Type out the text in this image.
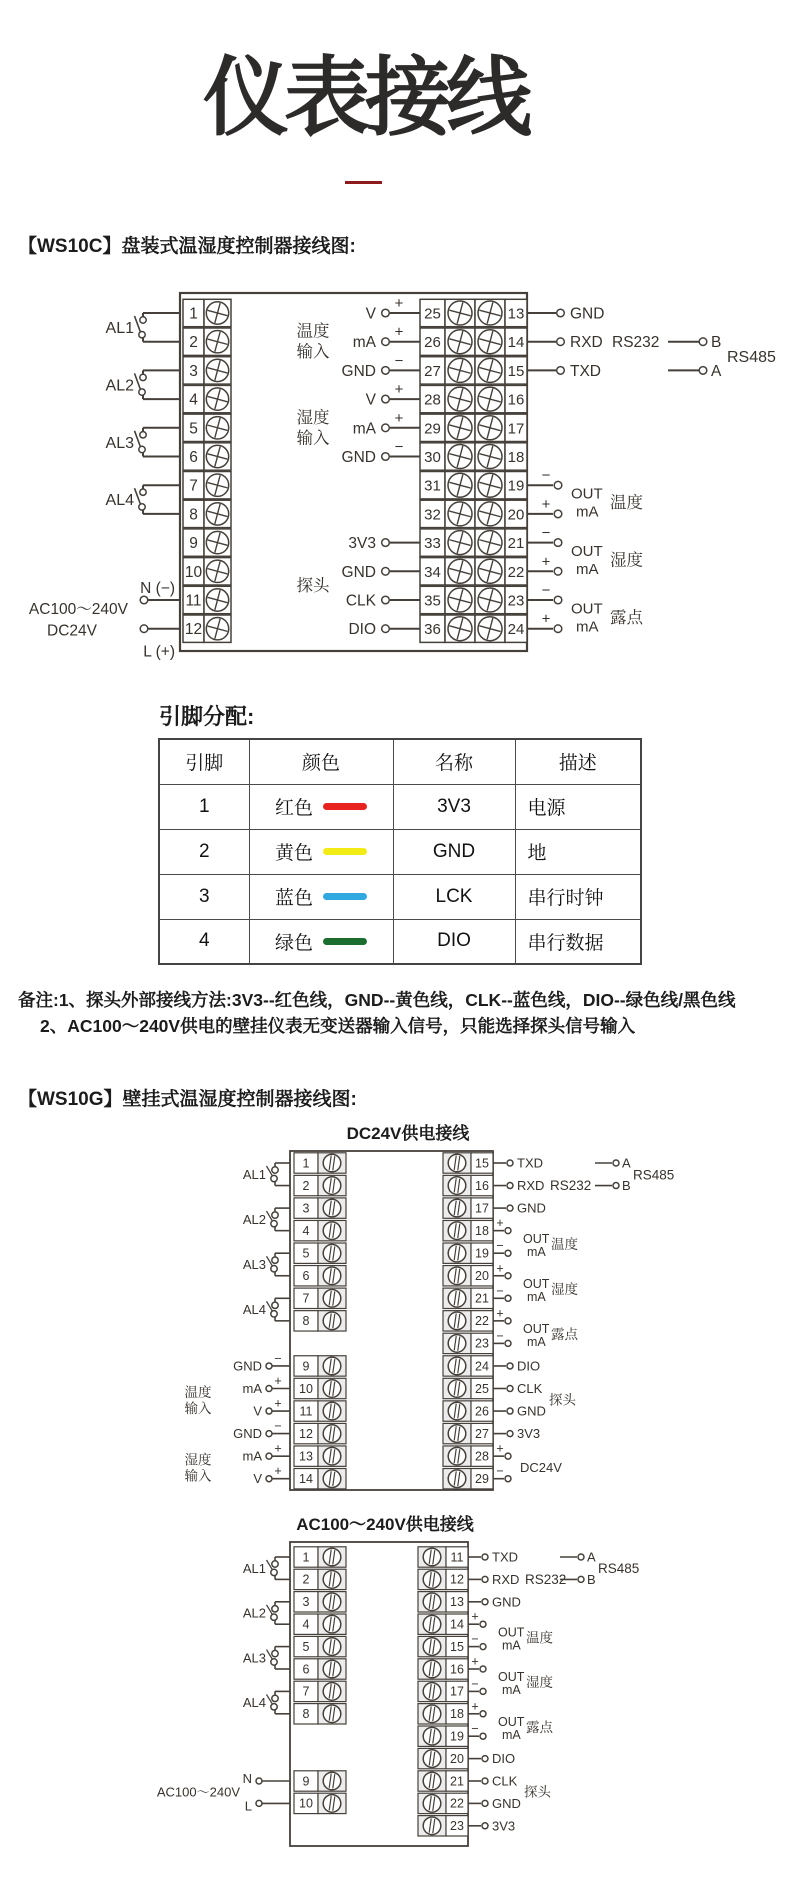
仪表接线
【WS10C】盘装式温湿度控制器接线图:
1
2
3
4
5
6
7
8
9
10
11
12
25	13
26	14
27	15
28	16
29	17
30	18
31	19
32	20
33	21
34	22
35	23
36	24
AL1
AL2
AL3
AL4
+
V
+
mA
−
GND
+
V
+
mA
−
GND
3V3
GND
CLK
DIO
温度
输入
湿度
输入
探头
GND
RXD RS232
TXD
−
+
OUT
mA 温度
−
+
OUT
mA 湿度
−
+
OUT
mA 露点
B
A
RS485
N (−)
AC100～240V
DC24V
L (+)
引脚分配:
引脚	颜色	名称	描述
1	红色	3V3	电源
2	黄色	GND	地
3	蓝色	LCK	串行时钟
4	绿色	DIO	串行数据
备注:1、探头外部接线方法:3V3--红色线，GND--黄色线，CLK--蓝色线，DIO--绿色线/黑色线
2、AC100～240V供电的壁挂仪表无变送器输入信号，只能选择探头信号输入
【WS10G】壁挂式温湿度控制器接线图:
DC24V供电接线
1
2
3
4
5
6
7
8
9
10
11
12
13
14
15
16
17
18
19
20
21
22
23
24
25
26
27
28
29
AL1
AL2
AL3
AL4
−
GND
+
mA
+
V
−
GND
+
mA
+
V
温度
输入
湿度
输入
TXD
RXD RS232
GND
DIO
CLK
GND
3V3
+
− OUT
mA 温度
+
− OUT
mA 湿度
+
− OUT
mA 露点
探头
+
− DC24V
A
B
RS485
AC100～240V供电接线
1
2
3
4
5
6
7
8
9
10
11
12
13
14
15
16
17
18
19
20
21
22
23
AL1
AL2
AL3
AL4
TXD
RXD RS232
GND
DIO
CLK
GND
3V3
+
− OUT
mA 温度
+
− OUT
mA 湿度
+
− OUT
mA 露点
探头
N
L
AC100～240V
A
B
RS485
